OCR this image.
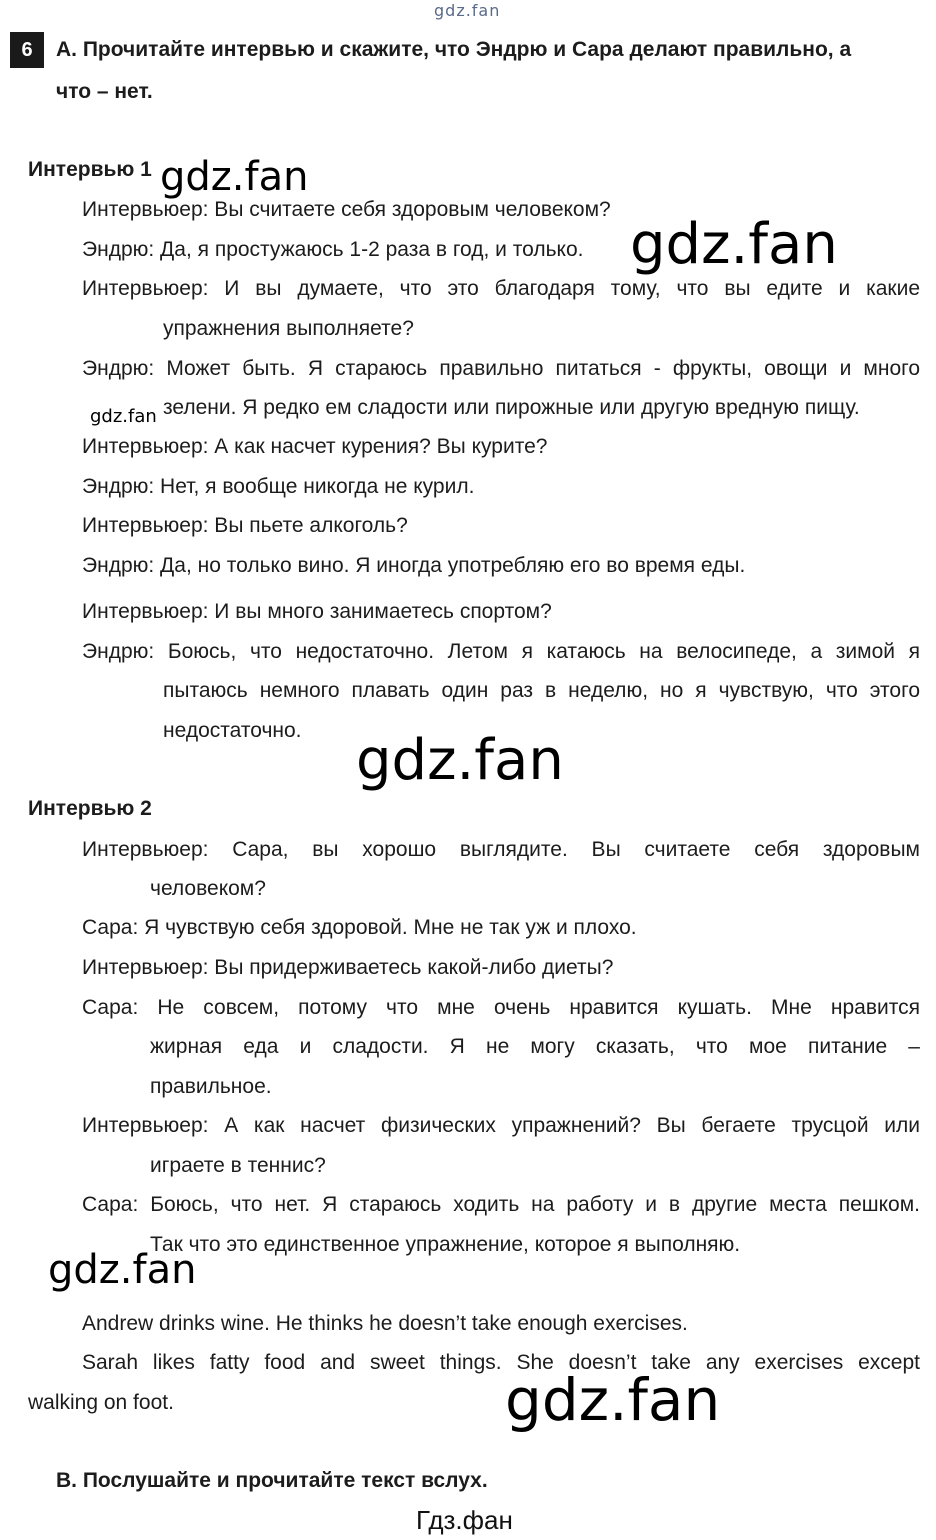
gdz.fan
6	A. Прочитайте интервью и скажите, что Эндрю и Сара делают правильно, а
что – нет.
Интервью 1
Интервьюер: Вы считаете себя здоровым человеком?
Эндрю: Да, я простужаюсь 1-2 раза в год, и только.
Интервьюер: И вы думаете, что это благодаря тому, что вы едите и какие
упражнения выполняете?
Эндрю: Может быть. Я стараюсь правильно питаться - фрукты, овощи и много
зелени. Я редко ем сладости или пирожные или другую вредную пищу.
Интервьюер: А как насчет курения? Вы курите?
Эндрю: Нет, я вообще никогда не курил.
Интервьюер: Вы пьете алкоголь?
Эндрю: Да, но только вино. Я иногда употребляю его во время еды.
Интервьюер: И вы много занимаетесь спортом?
Эндрю: Боюсь, что недостаточно. Летом я катаюсь на велосипеде, а зимой я
пытаюсь немного плавать один раз в неделю, но я чувствую, что этого
недостаточно.
Интервью 2
Интервьюер: Сара, вы хорошо выглядите. Вы считаете себя здоровым
человеком?
Сара: Я чувствую себя здоровой. Мне не так уж и плохо.
Интервьюер: Вы придерживаетесь какой-либо диеты?
Сара: Не совсем, потому что мне очень нравится кушать. Мне нравится
жирная еда и сладости. Я не могу сказать, что мое питание –
правильное.
Интервьюер: А как насчет физических упражнений? Вы бегаете трусцой или
играете в теннис?
Сара: Боюсь, что нет. Я стараюсь ходить на работу и в другие места пешком.
Так что это единственное упражнение, которое я выполняю.
Andrew drinks wine. He thinks he doesn’t take enough exercises.
Sarah likes fatty food and sweet things. She doesn’t take any exercises except
walking on foot.
B. Послушайте и прочитайте текст вслух.
gdz.fan
gdz.fan
gdz.fan
gdz.fan
gdz.fan
gdz.fan
Гдз.фан
